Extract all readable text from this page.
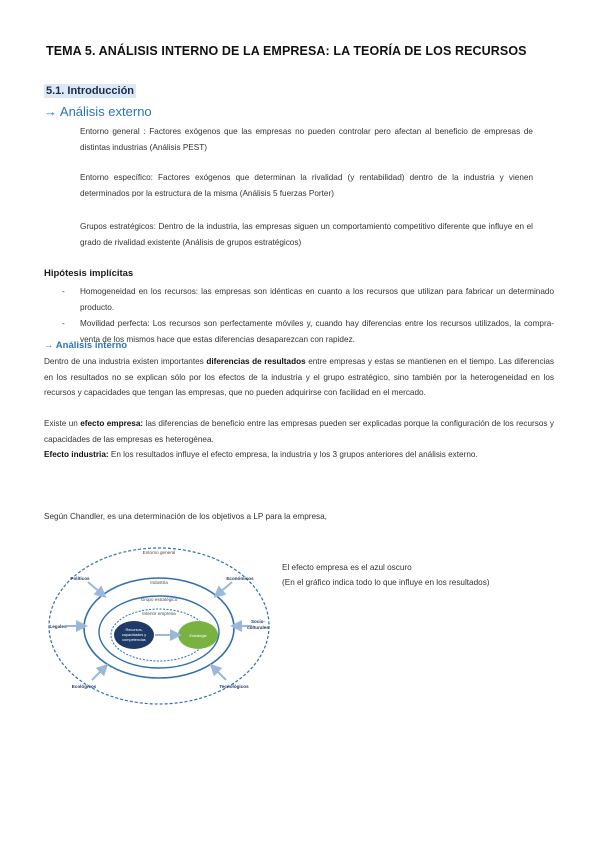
TEMA 5. ANÁLISIS INTERNO DE LA EMPRESA: LA TEORÍA DE LOS RECURSOS
5.1. Introducción
→ Análisis externo
Entorno general : Factores exógenos que las empresas no pueden controlar pero afectan al beneficio de empresas de distintas industrias (Análisis PEST)
Entorno específico: Factores exógenos que determinan la rivalidad (y rentabilidad) dentro de la industria y vienen determinados por la estructura de la misma (Análisis 5 fuerzas Porter)
Grupos estratégicos: Dentro de la industria, las empresas siguen un comportamiento competitivo diferente que influye en el grado de rivalidad existente (Análisis de grupos estratégicos)
Hipótesis implícitas
-	Homogeneidad en los recursos: las empresas son idénticas en cuanto a los recursos que utilizan para fabricar un determinado producto.
-	Movilidad perfecta: Los recursos son perfectamente móviles y, cuando hay diferencias entre los recursos utilizados, la compra-venta de los mismos hace que estas diferencias desaparezcan con rapidez.
→ Análisis interno
Dentro de una industria existen importantes diferencias de resultados entre empresas y estas se mantienen en el tiempo. Las diferencias en los resultados no se explican sólo por los efectos de la industria y el grupo estratégico, sino también por la heterogeneidad en los recursos y capacidades que tengan las empresas, que no pueden adquirirse con facilidad en el mercado.
Existe un efecto empresa: las diferencias de beneficio entre las empresas pueden ser explicadas porque la configuración de los recursos y capacidades de las empresas es heterogénea.
Efecto industria: En los resultados influye el efecto empresa, la industria y los 3 grupos anteriores del análisis externo.
Según Chandler, es una determinación de los objetivos a LP para la empresa,
Entorno general
Industria
Grupo estratégico
Interior empresa
Políticos	Económicos
Legales
Socio-
culturales
Ecológicos	Tecnológicos
Recursos,
capacidades y
competencias
Estrategia
El efecto empresa es el azul oscuro
(En el gráfico indica todo lo que influye en los resultados)
